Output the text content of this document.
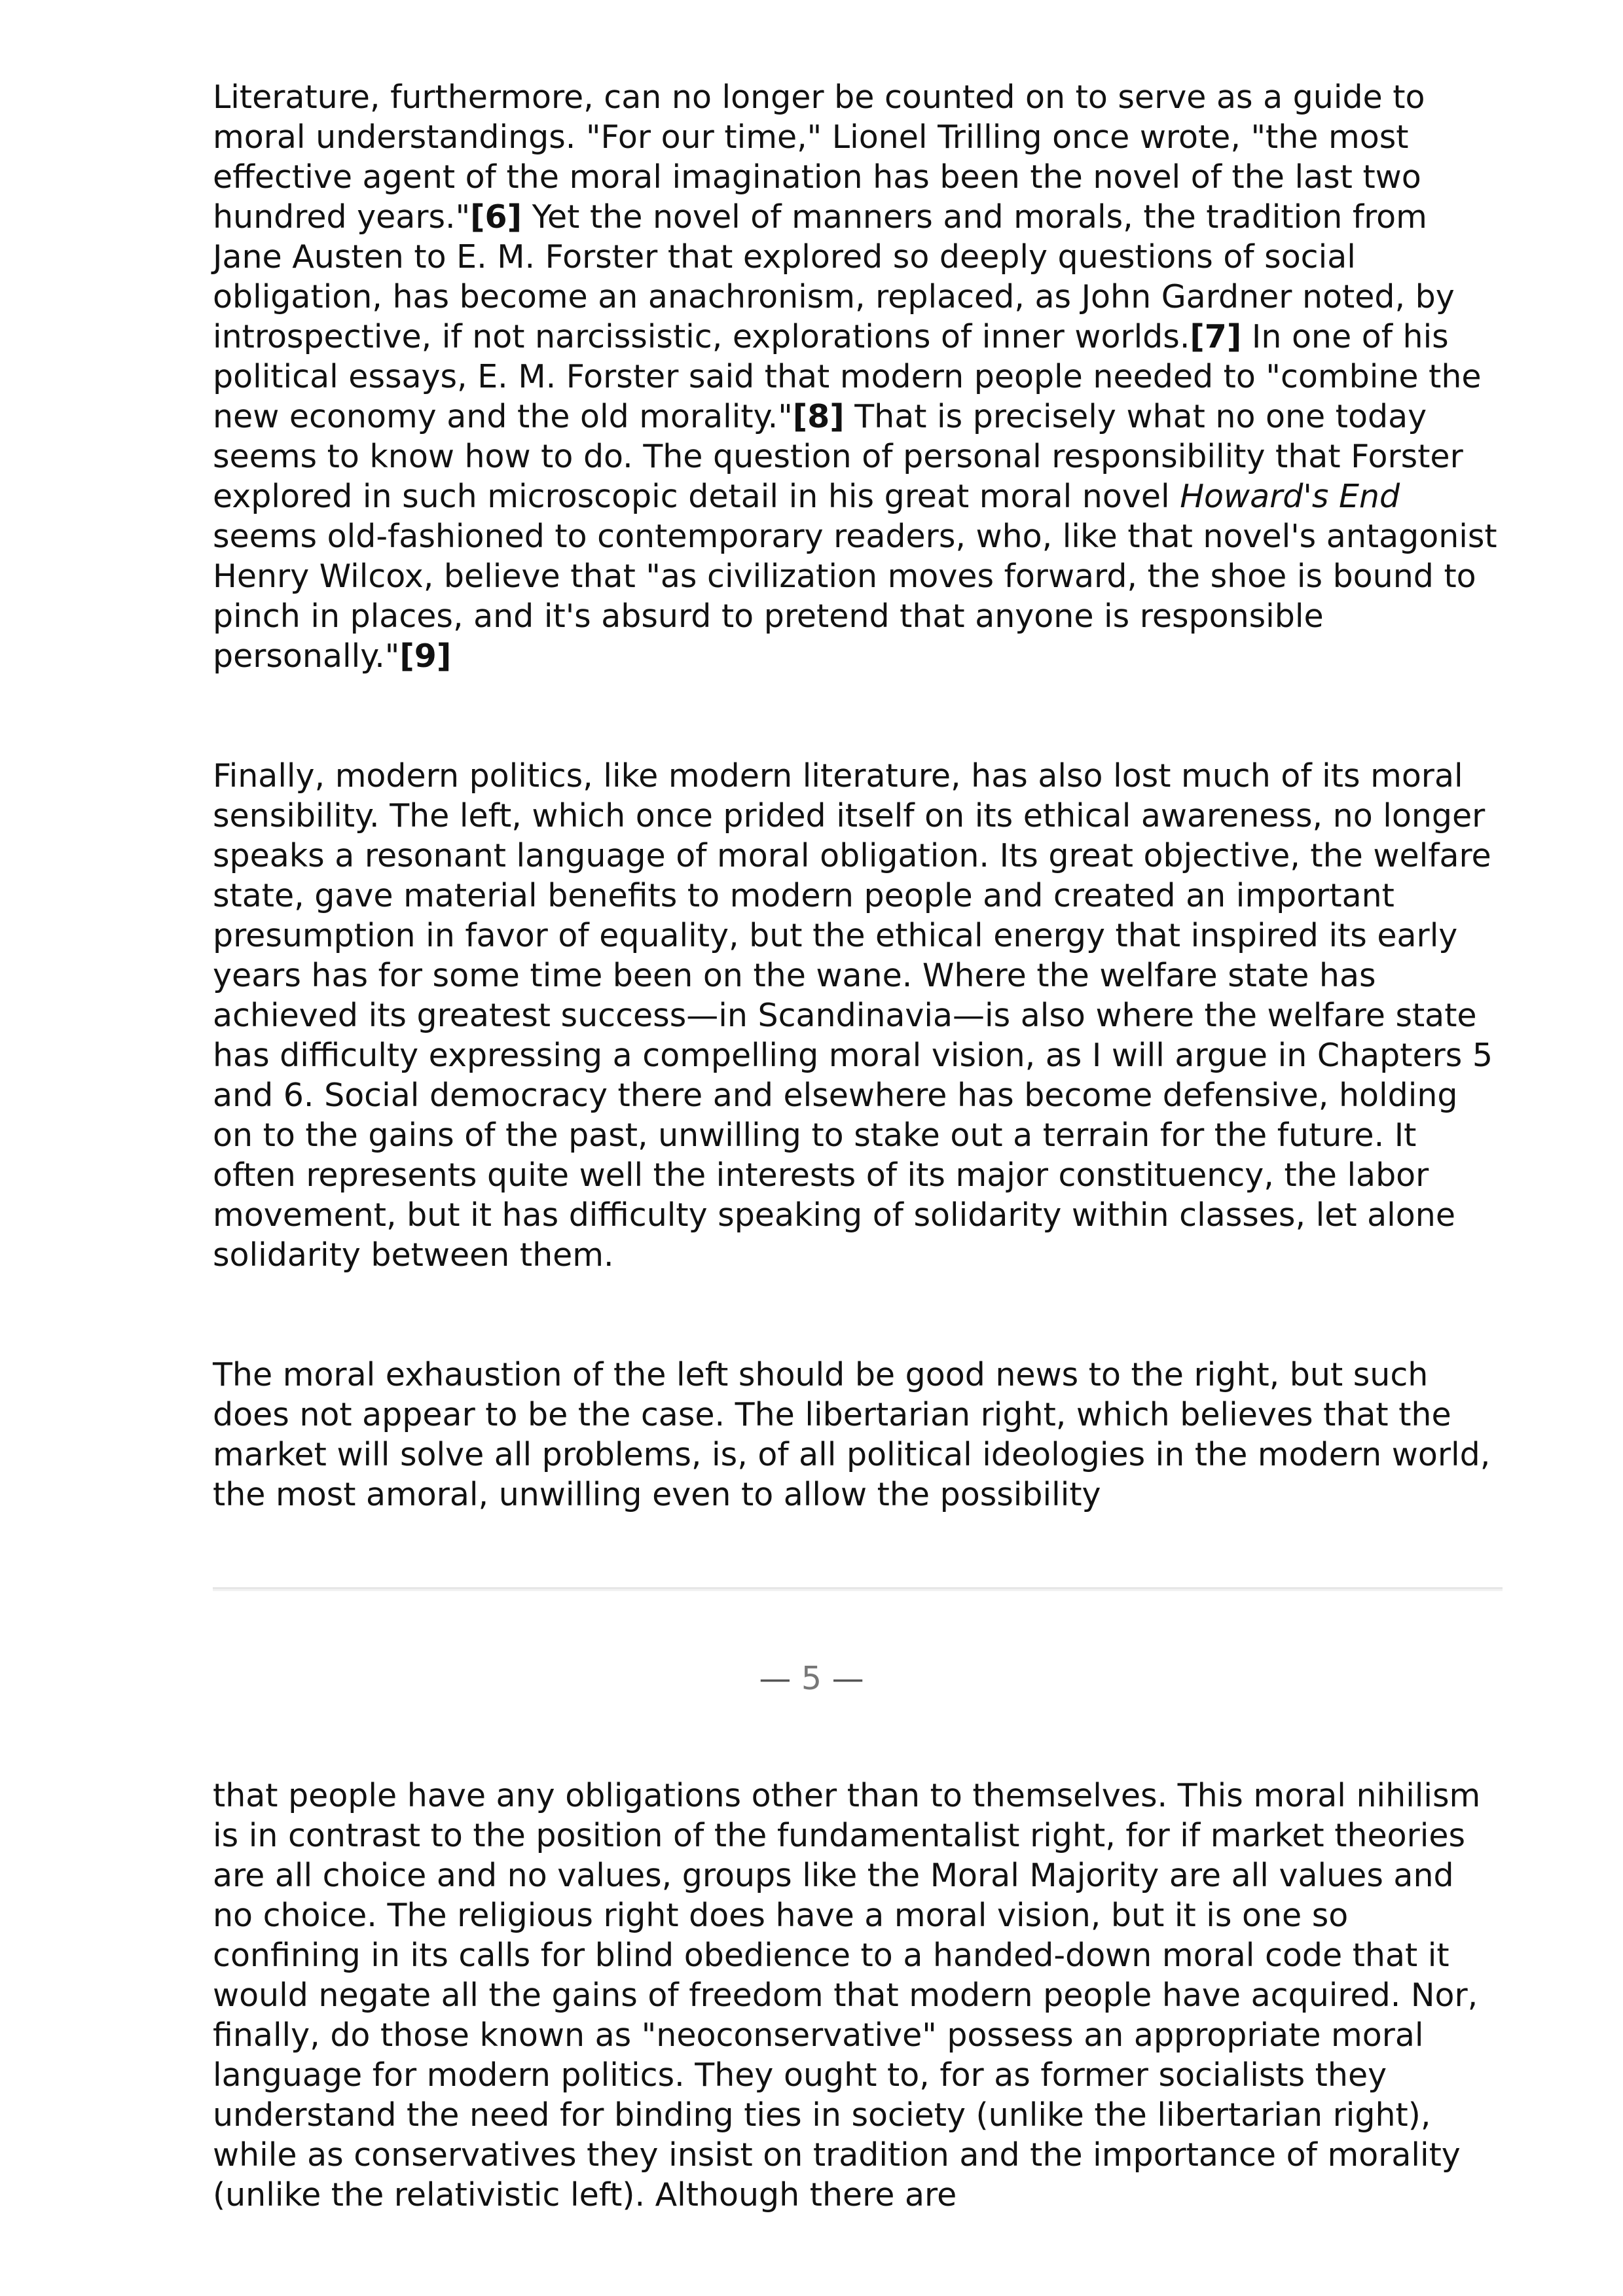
Literature, furthermore, can no longer be counted on to serve as a guide to moral understandings. "For our time," Lionel Trilling once wrote, "the most effective agent of the moral imagination has been the novel of the last two hundred years."[6] Yet the novel of manners and morals, the tradition from Jane Austen to E. M. Forster that explored so deeply questions of social obligation, has become an anachronism, replaced, as John Gardner noted, by introspective, if not narcissistic, explorations of inner worlds.[7] In one of his political essays, E. M. Forster said that modern people needed to "combine the new economy and the old morality."[8] That is precisely what no one today seems to know how to do. The question of personal responsibility that Forster explored in such microscopic detail in his great moral novel Howard's End seems old-fashioned to contemporary readers, who, like that novel's antagonist Henry Wilcox, believe that "as civilization moves forward, the shoe is bound to pinch in places, and it's absurd to pretend that anyone is responsible personally."[9]

Finally, modern politics, like modern literature, has also lost much of its moral sensibility. The left, which once prided itself on its ethical awareness, no longer speaks a resonant language of moral obligation. Its great objective, the welfare state, gave material benefits to modern people and created an important presumption in favor of equality, but the ethical energy that inspired its early years has for some time been on the wane. Where the welfare state has achieved its greatest success—in Scandinavia—is also where the welfare state has difficulty expressing a compelling moral vision, as I will argue in Chapters 5 and 6. Social democracy there and elsewhere has become defensive, holding on to the gains of the past, unwilling to stake out a terrain for the future. It often represents quite well the interests of its major constituency, the labor movement, but it has difficulty speaking of solidarity within classes, let alone solidarity between them.

The moral exhaustion of the left should be good news to the right, but such does not appear to be the case. The libertarian right, which believes that the market will solve all problems, is, of all political ideologies in the modern world, the most amoral, unwilling even to allow the possibility

— 5 —

that people have any obligations other than to themselves. This moral nihilism is in contrast to the position of the fundamentalist right, for if market theories are all choice and no values, groups like the Moral Majority are all values and no choice. The religious right does have a moral vision, but it is one so confining in its calls for blind obedience to a handed-down moral code that it would negate all the gains of freedom that modern people have acquired. Nor, finally, do those known as "neoconservative" possess an appropriate moral language for modern politics. They ought to, for as former socialists they understand the need for binding ties in society (unlike the libertarian right), while as conservatives they insist on tradition and the importance of morality (unlike the relativistic left). Although there are
